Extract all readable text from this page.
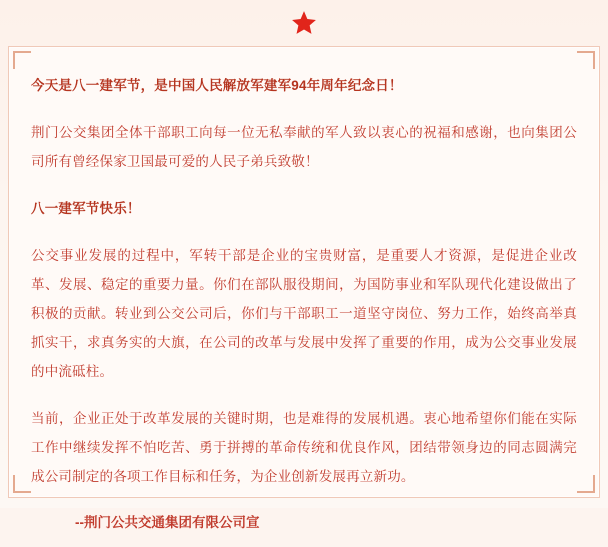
今天是八一建军节，是中国人民解放军建军94年周年纪念日！

荆门公交集团全体干部职工向每一位无私奉献的军人致以衷心的祝福和感谢，也向集团公司所有曾经保家卫国最可爱的人民子弟兵致敬！

八一建军节快乐！

公交事业发展的过程中，军转干部是企业的宝贵财富，是重要人才资源，是促进企业改革、发展、稳定的重要力量。你们在部队服役期间，为国防事业和军队现代化建设做出了积极的贡献。转业到公交公司后，你们与干部职工一道坚守岗位、努力工作，始终高举真抓实干，求真务实的大旗，在公司的改革与发展中发挥了重要的作用，成为公交事业发展的中流砥柱。

当前，企业正处于改革发展的关键时期，也是难得的发展机遇。衷心地希望你们能在实际工作中继续发挥不怕吃苦、勇于拼搏的革命传统和优良作风，团结带领身边的同志圆满完成公司制定的各项工作目标和任务，为企业创新发展再立新功。

--荆门公共交通集团有限公司宣
